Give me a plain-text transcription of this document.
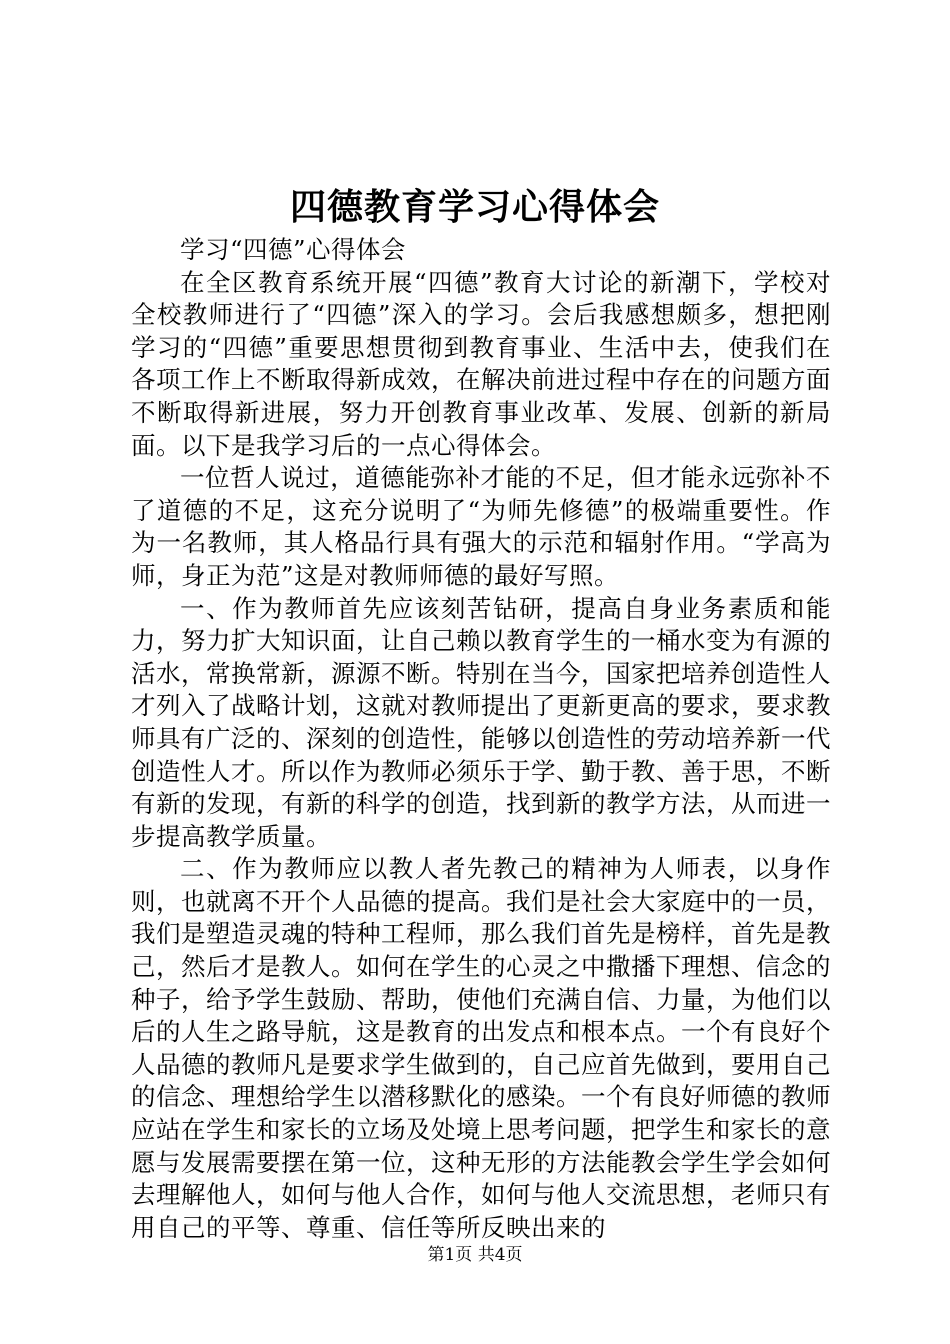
四德教育学习心得体会

学习“四德”心得体会

在全区教育系统开展“四德”教育大讨论的新潮下，学校对全校教师进行了“四德”深入的学习。会后我感想颇多，想把刚学习的“四德”重要思想贯彻到教育事业、生活中去，使我们在各项工作上不断取得新成效，在解决前进过程中存在的问题方面不断取得新进展，努力开创教育事业改革、发展、创新的新局面。以下是我学习后的一点心得体会。

一位哲人说过，道德能弥补才能的不足，但才能永远弥补不了道德的不足，这充分说明了“为师先修德”的极端重要性。作为一名教师，其人格品行具有强大的示范和辐射作用。“学高为师，身正为范”这是对教师师德的最好写照。

一、作为教师首先应该刻苦钻研，提高自身业务素质和能力，努力扩大知识面，让自己赖以教育学生的一桶水变为有源的活水，常换常新，源源不断。特别在当今，国家把培养创造性人才列入了战略计划，这就对教师提出了更新更高的要求，要求教师具有广泛的、深刻的创造性，能够以创造性的劳动培养新一代创造性人才。所以作为教师必须乐于学、勤于教、善于思，不断有新的发现，有新的科学的创造，找到新的教学方法，从而进一步提高教学质量。

二、作为教师应以教人者先教己的精神为人师表，以身作则，也就离不开个人品德的提高。我们是社会大家庭中的一员，我们是塑造灵魂的特种工程师，那么我们首先是榜样，首先是教己，然后才是教人。如何在学生的心灵之中撒播下理想、信念的种子，给予学生鼓励、帮助，使他们充满自信、力量，为他们以后的人生之路导航，这是教育的出发点和根本点。一个有良好个人品德的教师凡是要求学生做到的，自己应首先做到，要用自己的信念、理想给学生以潜移默化的感染。一个有良好师德的教师应站在学生和家长的立场及处境上思考问题，把学生和家长的意愿与发展需要摆在第一位，这种无形的方法能教会学生学会如何去理解他人，如何与他人合作，如何与他人交流思想，老师只有用自己的平等、尊重、信任等所反映出来的

第1页 共4页
